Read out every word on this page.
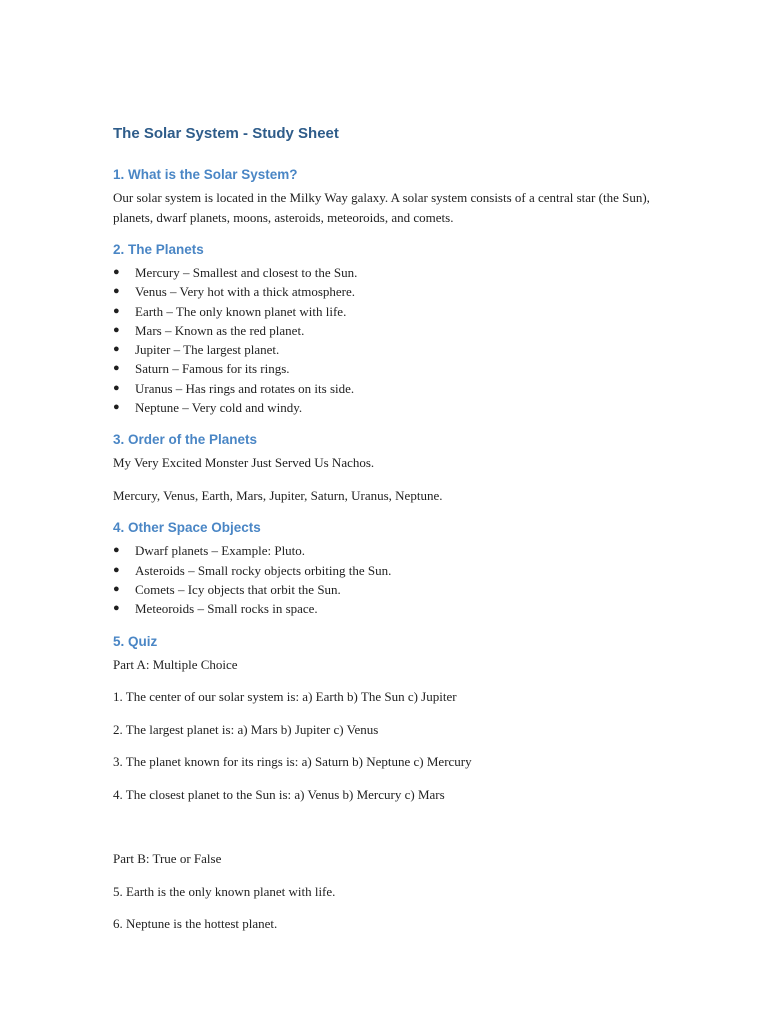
The Solar System - Study Sheet
1. What is the Solar System?

Our solar system is located in the Milky Way galaxy. A solar system consists of a central star (the Sun), planets, dwarf planets, moons, asteroids, meteoroids, and comets.

2. The Planets
● Mercury – Smallest and closest to the Sun.
● Venus – Very hot with a thick atmosphere.
● Earth – The only known planet with life.
● Mars – Known as the red planet.
● Jupiter – The largest planet.
● Saturn – Famous for its rings.
● Uranus – Has rings and rotates on its side.
● Neptune – Very cold and windy.
3. Order of the Planets

My Very Excited Monster Just Served Us Nachos.

Mercury, Venus, Earth, Mars, Jupiter, Saturn, Uranus, Neptune.

4. Other Space Objects
● Dwarf planets – Example: Pluto.
● Asteroids – Small rocky objects orbiting the Sun.
● Comets – Icy objects that orbit the Sun.
● Meteoroids – Small rocks in space.
5. Quiz

Part A: Multiple Choice

1. The center of our solar system is: a) Earth b) The Sun c) Jupiter

2. The largest planet is: a) Mars b) Jupiter c) Venus

3. The planet known for its rings is: a) Saturn b) Neptune c) Mercury

4. The closest planet to the Sun is: a) Venus b) Mercury c) Mars

Part B: True or False

5. Earth is the only known planet with life.

6. Neptune is the hottest planet.
